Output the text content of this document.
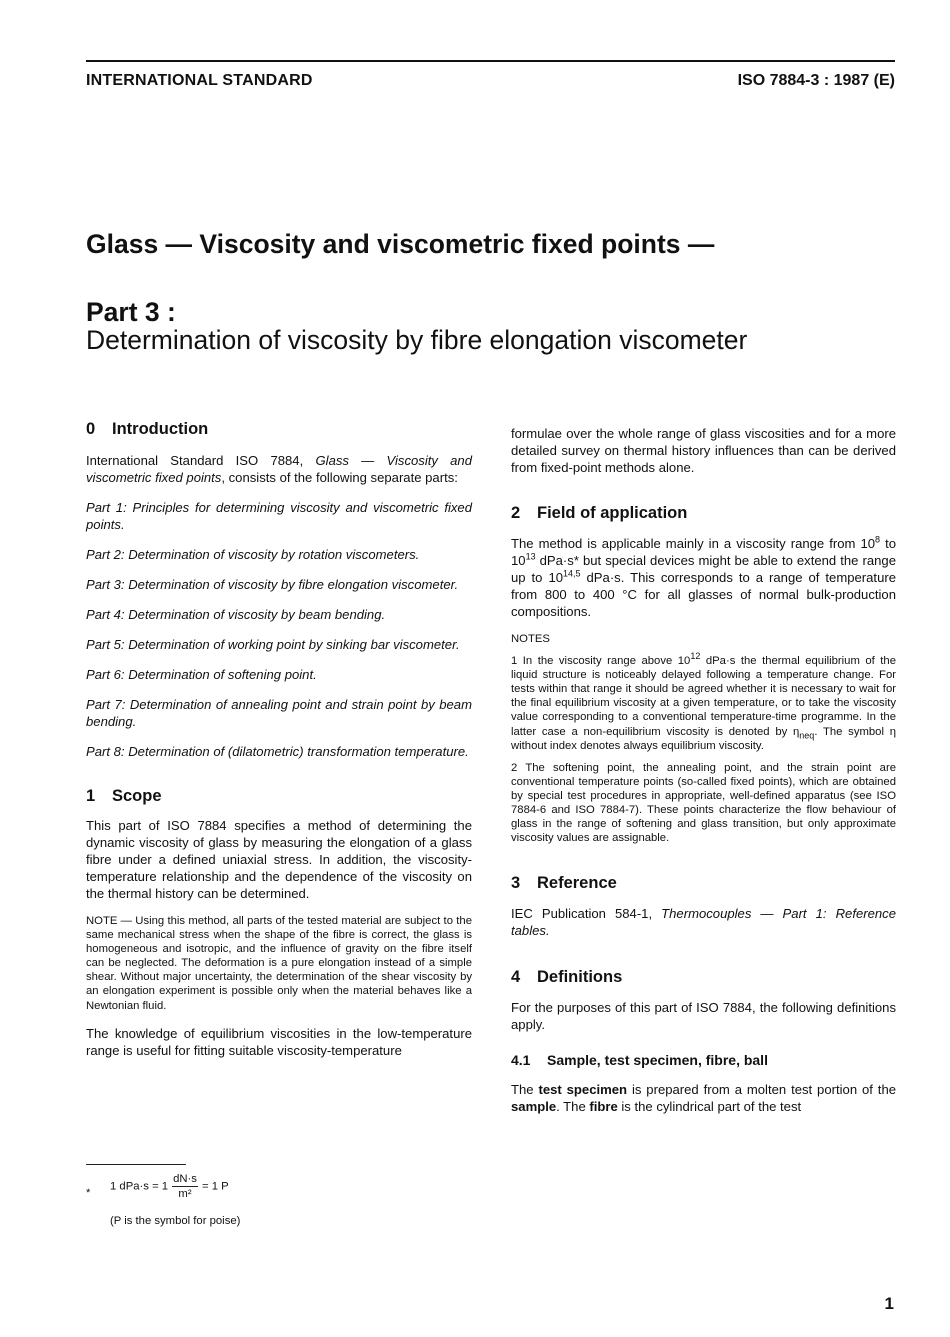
INTERNATIONAL STANDARD	ISO 7884-3 : 1987 (E)
Glass — Viscosity and viscometric fixed points —
Part 3 :
Determination of viscosity by fibre elongation viscometer
0 Introduction

International Standard ISO 7884, Glass — Viscosity and viscometric fixed points, consists of the following separate parts:

Part 1: Principles for determining viscosity and viscometric fixed points.

Part 2: Determination of viscosity by rotation viscometers.

Part 3: Determination of viscosity by fibre elongation viscometer.

Part 4: Determination of viscosity by beam bending.

Part 5: Determination of working point by sinking bar viscometer.

Part 6: Determination of softening point.

Part 7: Determination of annealing point and strain point by beam bending.

Part 8: Determination of (dilatometric) transformation temperature.

1 Scope

This part of ISO 7884 specifies a method of determining the dynamic viscosity of glass by measuring the elongation of a glass fibre under a defined uniaxial stress. In addition, the viscosity-temperature relationship and the dependence of the viscosity on the thermal history can be determined.

NOTE — Using this method, all parts of the tested material are subject to the same mechanical stress when the shape of the fibre is correct, the glass is homogeneous and isotropic, and the influence of gravity on the fibre itself can be neglected. The deformation is a pure elongation instead of a simple shear. Without major uncertainty, the determination of the shear viscosity by an elongation experiment is possible only when the material behaves like a Newtonian fluid.

The knowledge of equilibrium viscosities in the low-temperature range is useful for fitting suitable viscosity-temperature

formulae over the whole range of glass viscosities and for a more detailed survey on thermal history influences than can be derived from fixed-point methods alone.

2 Field of application

The method is applicable mainly in a viscosity range from $10^8$ to $10^{13}$ dPa·s* but special devices might be able to extend the range up to 10$^{14,5}$ dPa·s. This corresponds to a range of temperature from 800 to 400 °C for all glasses of normal bulk-production compositions.

NOTES

1 In the viscosity range above $10^{12}$ dPa·s the thermal equilibrium of the liquid structure is noticeably delayed following a temperature change. For tests within that range it should be agreed whether it is necessary to wait for the final equilibrium viscosity at a given temperature, or to take the viscosity value corresponding to a conventional temperature-time programme. In the latter case a non-equilibrium viscosity is denoted by $\eta_{neq}$. The symbol η without index denotes always equilibrium viscosity.

2 The softening point, the annealing point, and the strain point are conventional temperature points (so-called fixed points), which are obtained by special test procedures in appropriate, well-defined apparatus (see ISO 7884-6 and ISO 7884-7). These points characterize the flow behaviour of glass in the range of softening and glass transition, but only approximate viscosity values are assignable.

3 Reference

IEC Publication 584-1, Thermocouples — Part 1: Reference tables.

4 Definitions

For the purposes of this part of ISO 7884, the following definitions apply.

4.1 Sample, test specimen, fibre, ball

The test specimen is prepared from a molten test portion of the sample. The fibre is the cylindrical part of the test

*
1 $dPa\cdot s = 1 \frac{dN\cdot s}{\text{m²}} = 1$ P
(P is the symbol for poise)
1
